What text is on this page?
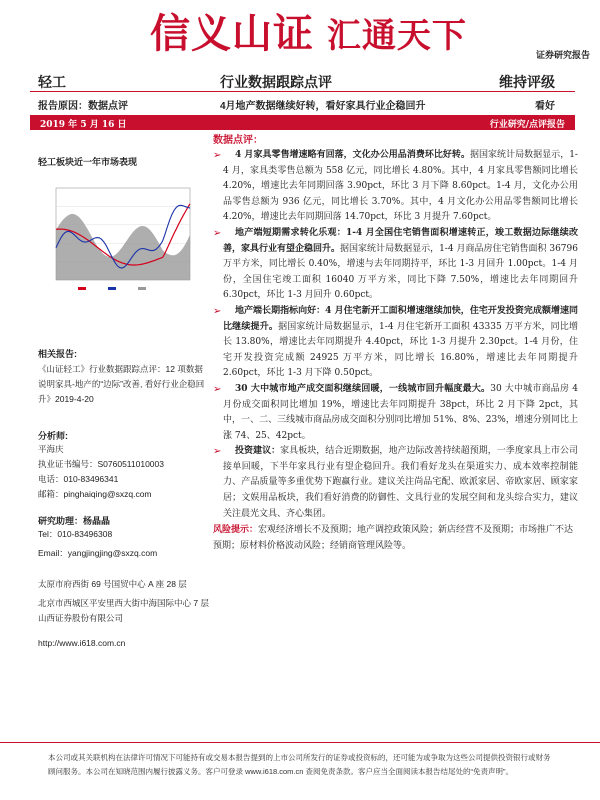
信义山证 汇通天下	证券研究报告
轻工	行业数据跟踪点评	维持评级
报告原因：数据点评	4月地产数据继续好转，看好家具行业企稳回升	看好
2019 年 5 月 16 日	行业研究/点评报告
轻工板块近一年市场表现
相关报告:
《山证轻工》行业数据跟踪点评：12 项数据说明家具-地产的“边际”改善, 看好行业企稳回升》2019-4-20
分析师:
平海庆
执业证书编号：S0760511010003
电话：010-83496341
邮箱：pinghaiqing@sxzq.com
研究助理：杨晶晶
Tel：010-83496308
Email：yangjingjing@sxzq.com
太原市府西街 69 号国贸中心 A 座 28 层
北京市西城区平安里西大街中海国际中心 7 层
山西证券股份有限公司
http://www.i618.com.cn
数据点评：
➢	4 月家具零售增速略有回落，文化办公用品消费环比好转。据国家统计局数据显示，1-4 月，家具类零售总额为 558 亿元，同比增长 4.80%。其中，4 月家具零售额同比增长 4.20%，增速比去年同期回落 3.90pct，环比 3 月下降 8.60pct。1-4 月，文化办公用品零售总额为 936 亿元，同比增长 3.70%。其中，4 月文化办公用品零售额同比增长 4.20%，增速比去年同期回落 14.70pct，环比 3 月提升 7.60pct。

➢	地产端短期需求转化乐观：1-4 月全国住宅销售面积增速转正，竣工数据边际继续改善，家具行业有望企稳回升。据国家统计局数据显示，1-4 月商品房住宅销售面积 36796 万平方米，同比增长 0.40%，增速与去年同期持平，环比 1-3 月回升 1.00pct。1-4 月份，全国住宅竣工面积 16040 万平方米，同比下降 7.50%，增速比去年同期回升 6.30pct，环比 1-3 月回升 0.60pct。

➢	地产端长期指标向好：4 月住宅新开工面积增速继续加快，住宅开发投资完成额增速同比继续提升。据国家统计局数据显示，1-4 月住宅新开工面积 43335 万平方米，同比增长 13.80%，增速比去年同期提升 4.40pct，环比 1-3 月提升 2.30pct。1-4 月份，住宅开发投资完成额 24925 万平方米，同比增长 16.80%，增速比去年同期提升 2.60pct，环比 1-3 月下降 0.50pct。

➢	30 大中城市地产成交面积继续回暖，一线城市回升幅度最大。30 大中城市商品房 4 月份成交面积同比增加 19%，增速比去年同期提升 38pct，环比 2 月下降 2pct，其中，一、二、三线城市商品房成交面积分别同比增加 51%、8%、23%，增速分别同比上涨 74、25、42pct。

➢	投资建议：家具板块，结合近期数据，地产边际改善持续超预期，一季度家具上市公司接单回暖，下半年家具行业有望企稳回升。我们看好龙头在渠道实力、成本效率控制能力、产品质量等多重优势下跑赢行业。建议关注尚品宅配、欧派家居、帝欧家居、顾家家居；文娱用品板块，我们看好消费的防御性、文具行业的发展空间和龙头综合实力，建议关注晨光文具、齐心集团。

风险提示：宏观经济增长不及预期；地产调控政策风险；新店经营不及预期；市场推广不达预期；原材料价格波动风险；经销商管理风险等。
本公司或其关联机构在法律许可情况下可能持有或交易本报告提到的上市公司所发行的证券或投资标的，还可能为或争取为这些公司提供投资银行或财务顾问服务。本公司在知晓范围内履行披露义务。客户可登录 www.i618.com.cn 查阅免责条款。客户应当全面阅读本报告结尾处的“免责声明”。
